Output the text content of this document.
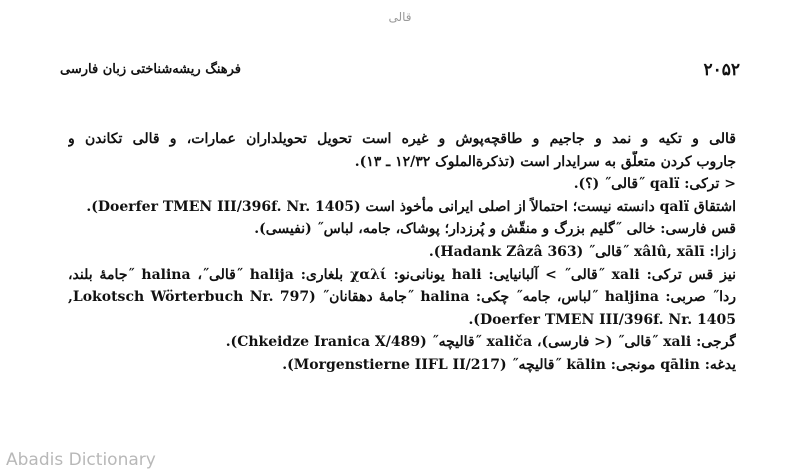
قالی
فرهنگ ریشه‌شناختی زبان فارسی	۲۰۵۲
قالی و تکیه و نمد و جاجیم و طاقچه‌پوش و غیره است تحویل تحویلداران عمارات، و قالی تکاندن و
جاروب کردن متعلّق به سرایدار است (تذکرة‌الملوک ۱۲/۳۲ ـ ۱۳).
< ترکی: qalï ˝قالی˝ (؟).
اشتقاق qalï دانسته نیست؛ احتمالاً از اصلی ایرانی مأخوذ است (Doerfer TMEN III/396f. Nr. 1405).
قس فارسی: خالی ˝گلیم بزرگ و منقّش و پُرزدار؛ پوشاک، جامه، لباس˝ (نفیسی).
زازا: xâlû, xālī ˝قالی˝ (Hadank Zâzâ 363).
نیز قس ترکی: xali ˝قالی˝ > آلبانیایی: hali یونانی‌نو: χαλί بلغاری: halija ˝قالی˝، halina ˝جامهٔ بلند،
ردا˝ صربی: haljina ˝لباس، جامه˝ چکی: halina ˝جامهٔ دهقانان˝ (Lokotsch Wörterbuch Nr. 797,
Doerfer TMEN III/396f. Nr. 1405).
گرجی: xali ˝قالی˝ (< فارسی)، xaliča ˝قالیچه˝ (Chkeidze Iranica X/489).
یدغه: qālin مونجی: kālin ˝قالیچه˝ (Morgenstierne IIFL II/217).
Abadis Dictionary
